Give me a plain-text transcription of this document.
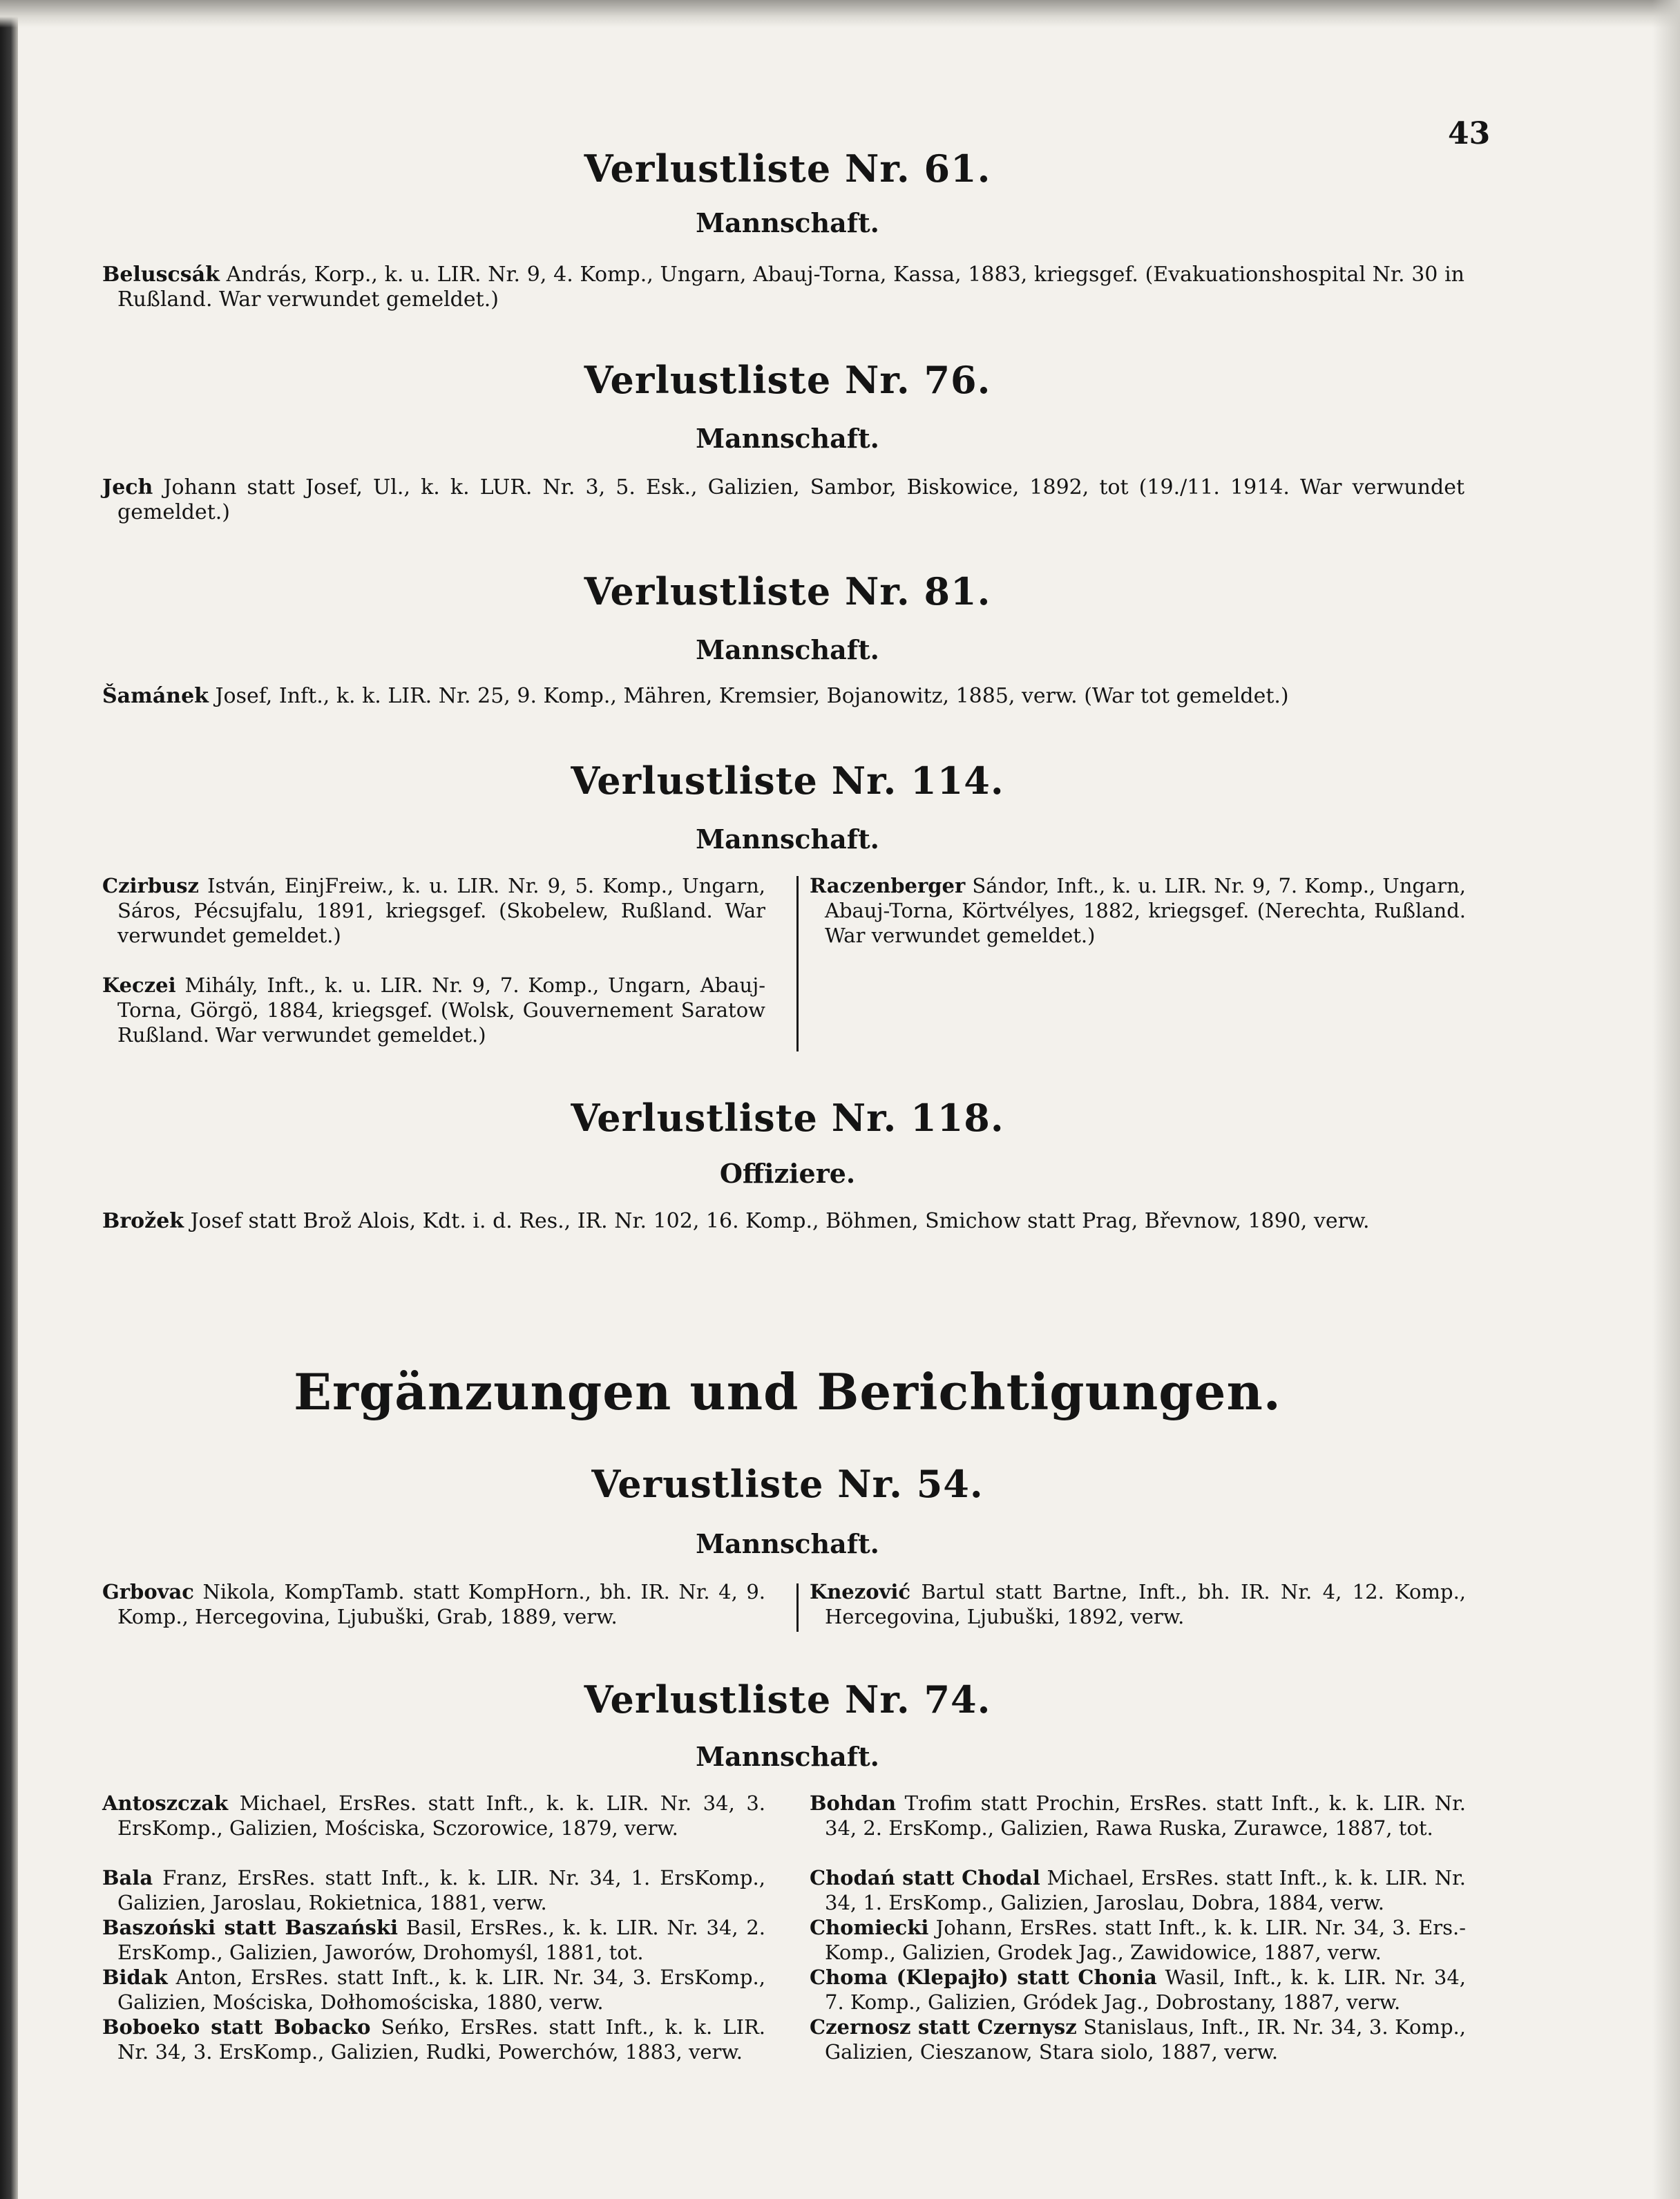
43
Verlustliste Nr. 61.
Mannschaft.
Beluscsák András, Korp., k. u. LIR. Nr. 9, 4. Komp., Ungarn, Abauj-Torna, Kassa, 1883, kriegsgef. (Evakuationshospital Nr. 30 in Rußland. War verwundet gemeldet.)
Verlustliste Nr. 76.
Mannschaft.
Jech Johann statt Josef, Ul., k. k. LUR. Nr. 3, 5. Esk., Galizien, Sambor, Biskowice, 1892, tot (19./11. 1914. War verwundet gemeldet.)
Verlustliste Nr. 81.
Mannschaft.
Šamánek Josef, Inft., k. k. LIR. Nr. 25, 9. Komp., Mähren, Kremsier, Bojanowitz, 1885, verw. (War tot gemeldet.)
Verlustliste Nr. 114.
Mannschaft.

Czirbusz István, EinjFreiw., k. u. LIR. Nr. 9, 5. Komp., Ungarn, Sáros, Pécsujfalu, 1891, kriegsgef. (Skobelew, Rußland. War verwundet gemeldet.)

Keczei Mihály, Inft., k. u. LIR. Nr. 9, 7. Komp., Ungarn, Abauj-Torna, Görgö, 1884, kriegsgef. (Wolsk, Gouvernement Saratow Rußland. War verwundet gemeldet.)

Raczenberger Sándor, Inft., k. u. LIR. Nr. 9, 7. Komp., Ungarn, Abauj-Torna, Körtvélyes, 1882, kriegsgef. (Nerechta, Rußland. War verwundet gemeldet.)

Verlustliste Nr. 118.
Offiziere.
Brožek Josef statt Brož Alois, Kdt. i. d. Res., IR. Nr. 102, 16. Komp., Böhmen, Smichow statt Prag, Břevnow, 1890, verw.
Ergänzungen und Berichtigungen.
Verustliste Nr. 54.
Mannschaft.

Grbovac Nikola, KompTamb. statt KompHorn., bh. IR. Nr. 4, 9. Komp., Hercegovina, Ljubuški, Grab, 1889, verw.

Knezović Bartul statt Bartne, Inft., bh. IR. Nr. 4, 12. Komp., Hercegovina, Ljubuški, 1892, verw.

Verlustliste Nr. 74.
Mannschaft.

Antoszczak Michael, ErsRes. statt Inft., k. k. LIR. Nr. 34, 3. ErsKomp., Galizien, Mościska, Sczorowice, 1879, verw.

Bala Franz, ErsRes. statt Inft., k. k. LIR. Nr. 34, 1. ErsKomp., Galizien, Jaroslau, Rokietnica, 1881, verw.

Baszoński statt Baszański Basil, ErsRes., k. k. LIR. Nr. 34, 2. ErsKomp., Galizien, Jaworów, Drohomyśl, 1881, tot.

Bidak Anton, ErsRes. statt Inft., k. k. LIR. Nr. 34, 3. ErsKomp., Galizien, Mościska, Dołhomościska, 1880, verw.

Boboeko statt Bobacko Seńko, ErsRes. statt Inft., k. k. LIR. Nr. 34, 3. ErsKomp., Galizien, Rudki, Powerchów, 1883, verw.

Bohdan Trofim statt Prochin, ErsRes. statt Inft., k. k. LIR. Nr. 34, 2. ErsKomp., Galizien, Rawa Ruska, Zurawce, 1887, tot.

Chodań statt Chodal Michael, ErsRes. statt Inft., k. k. LIR. Nr. 34, 1. ErsKomp., Galizien, Jaroslau, Dobra, 1884, verw.

Chomiecki Johann, ErsRes. statt Inft., k. k. LIR. Nr. 34, 3. Ers.-Komp., Galizien, Grodek Jag., Zawidowice, 1887, verw.

Choma (Klepajło) statt Chonia Wasil, Inft., k. k. LIR. Nr. 34, 7. Komp., Galizien, Gródek Jag., Dobrostany, 1887, verw.

Czernosz statt Czernysz Stanislaus, Inft., IR. Nr. 34, 3. Komp., Galizien, Cieszanow, Stara siolo, 1887, verw.
